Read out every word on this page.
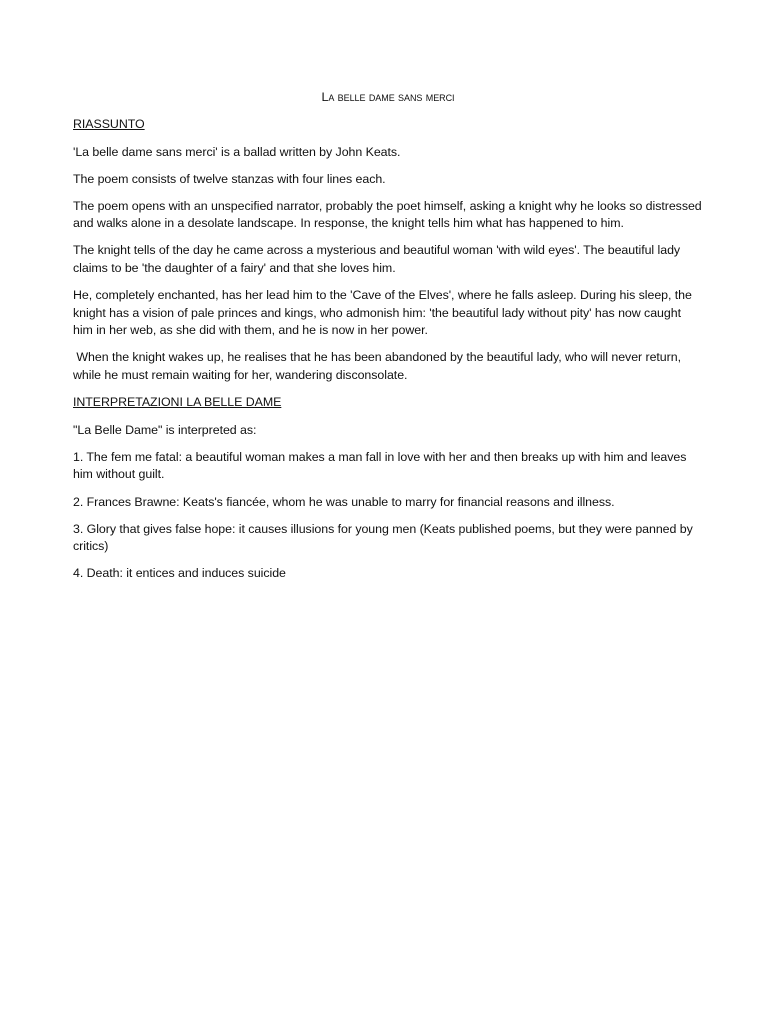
La belle dame sans merci
RIASSUNTO

'La belle dame sans merci' is a ballad written by John Keats.

The poem consists of twelve stanzas with four lines each.

The poem opens with an unspecified narrator, probably the poet himself, asking a knight why he looks so distressed and walks alone in a desolate landscape. In response, the knight tells him what has happened to him.

The knight tells of the day he came across a mysterious and beautiful woman 'with wild eyes'. The beautiful lady claims to be 'the daughter of a fairy' and that she loves him.

He, completely enchanted, has her lead him to the 'Cave of the Elves', where he falls asleep. During his sleep, the knight has a vision of pale princes and kings, who admonish him: 'the beautiful lady without pity' has now caught him in her web, as she did with them, and he is now in her power.

When the knight wakes up, he realises that he has been abandoned by the beautiful lady, who will never return, while he must remain waiting for her, wandering disconsolate.

INTERPRETAZIONI LA BELLE DAME

"La Belle Dame" is interpreted as:

1. The fem me fatal: a beautiful woman makes a man fall in love with her and then breaks up with him and leaves him without guilt.

2. Frances Brawne: Keats's fiancée, whom he was unable to marry for financial reasons and illness.

3. Glory that gives false hope: it causes illusions for young men (Keats published poems, but they were panned by critics)

4. Death: it entices and induces suicide
